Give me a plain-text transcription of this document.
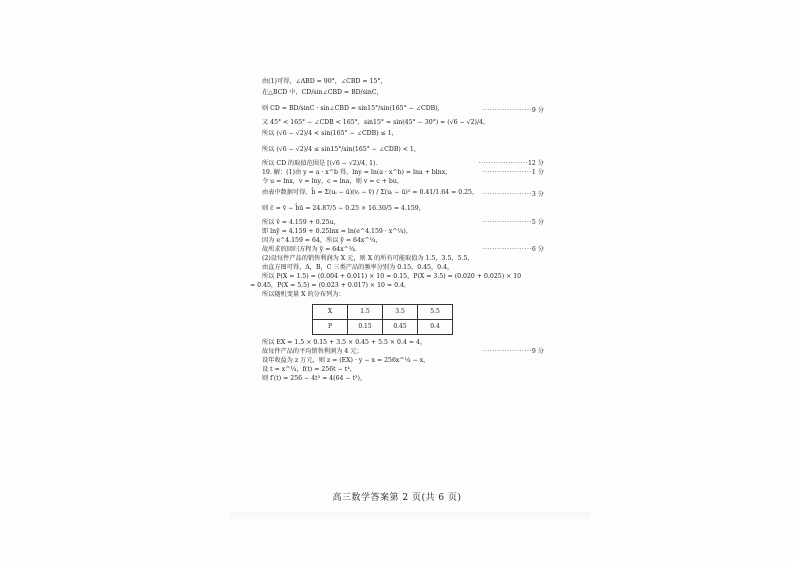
由(1)可得，∠ABD = 90°，∠CBD = 15°，
在△BCD 中，CD/sin∠CBD = BD/sinC，
则 CD = BD/sinC · sin∠CBD = sin15°/sin(165° − ∠CDB)，	····················9 分
又 45° < 165° − ∠CDB < 165°，sin15° = sin(45° − 30°) = (√6 − √2)/4，
所以 (√6 − √2)/4 < sin(165° − ∠CDB) ≤ 1，
所以 (√6 − √2)/4 ≤ sin15°/sin(165° − ∠CDB) < 1，
所以 CD 的取值范围是 [(√6 − √2)/4, 1)．	····················12 分
19. 解：(1)由 y = a · x^b 得，lny = ln(a · x^b) = lna + blnx，	····················1 分
令 u = lnx，v = lny，c = lna，则 v = c + bu，
由表中数据可得，b̂ = Σ(uᵢ − ū)(vᵢ − v̄) / Σ(uᵢ − ū)² = 0.41/1.64 = 0.25， ····················3 分
则 ĉ = v̄ − b̂ū = 24.87/5 − 0.25 × 16.30/5 = 4.159，
所以 v̂ = 4.159 + 0.25u，	····················5 分
即 lnŷ = 4.159 + 0.25lnx = ln(e^4.159 · x^¼)，
因为 e^4.159 ≈ 64，所以 ŷ = 64x^¼，
故所求的回归方程为 ŷ = 64x^¼．	····················6 分
(2)设每件产品的销售利润为 X 元，则 X 的所有可能取值为 1.5，3.5，5.5，
由直方图可得，A，B，C 三类产品的频率分别为 0.15，0.45，0.4，
所以 P(X = 1.5) = (0.004 + 0.011) × 10 = 0.15，P(X = 3.5) = (0.020 + 0.025) × 10
= 0.45，P(X = 5.5) = (0.023 + 0.017) × 10 = 0.4，
所以随机变量 X 的分布列为：
X	1.5	3.5	5.5
P	0.15	0.45	0.4
所以 EX = 1.5 × 0.15 + 3.5 × 0.45 + 5.5 × 0.4 = 4，
故每件产品的平均销售利润为 4 元；	····················9 分
设年收益为 z 万元，则 z = (EX) · y − x = 256x^¼ − x，
设 t = x^¼，f(t) = 256t − t⁴，
则 f′(t) = 256 − 4t³ = 4(64 − t³)，
高三数学答案第 2 页(共 6 页)
